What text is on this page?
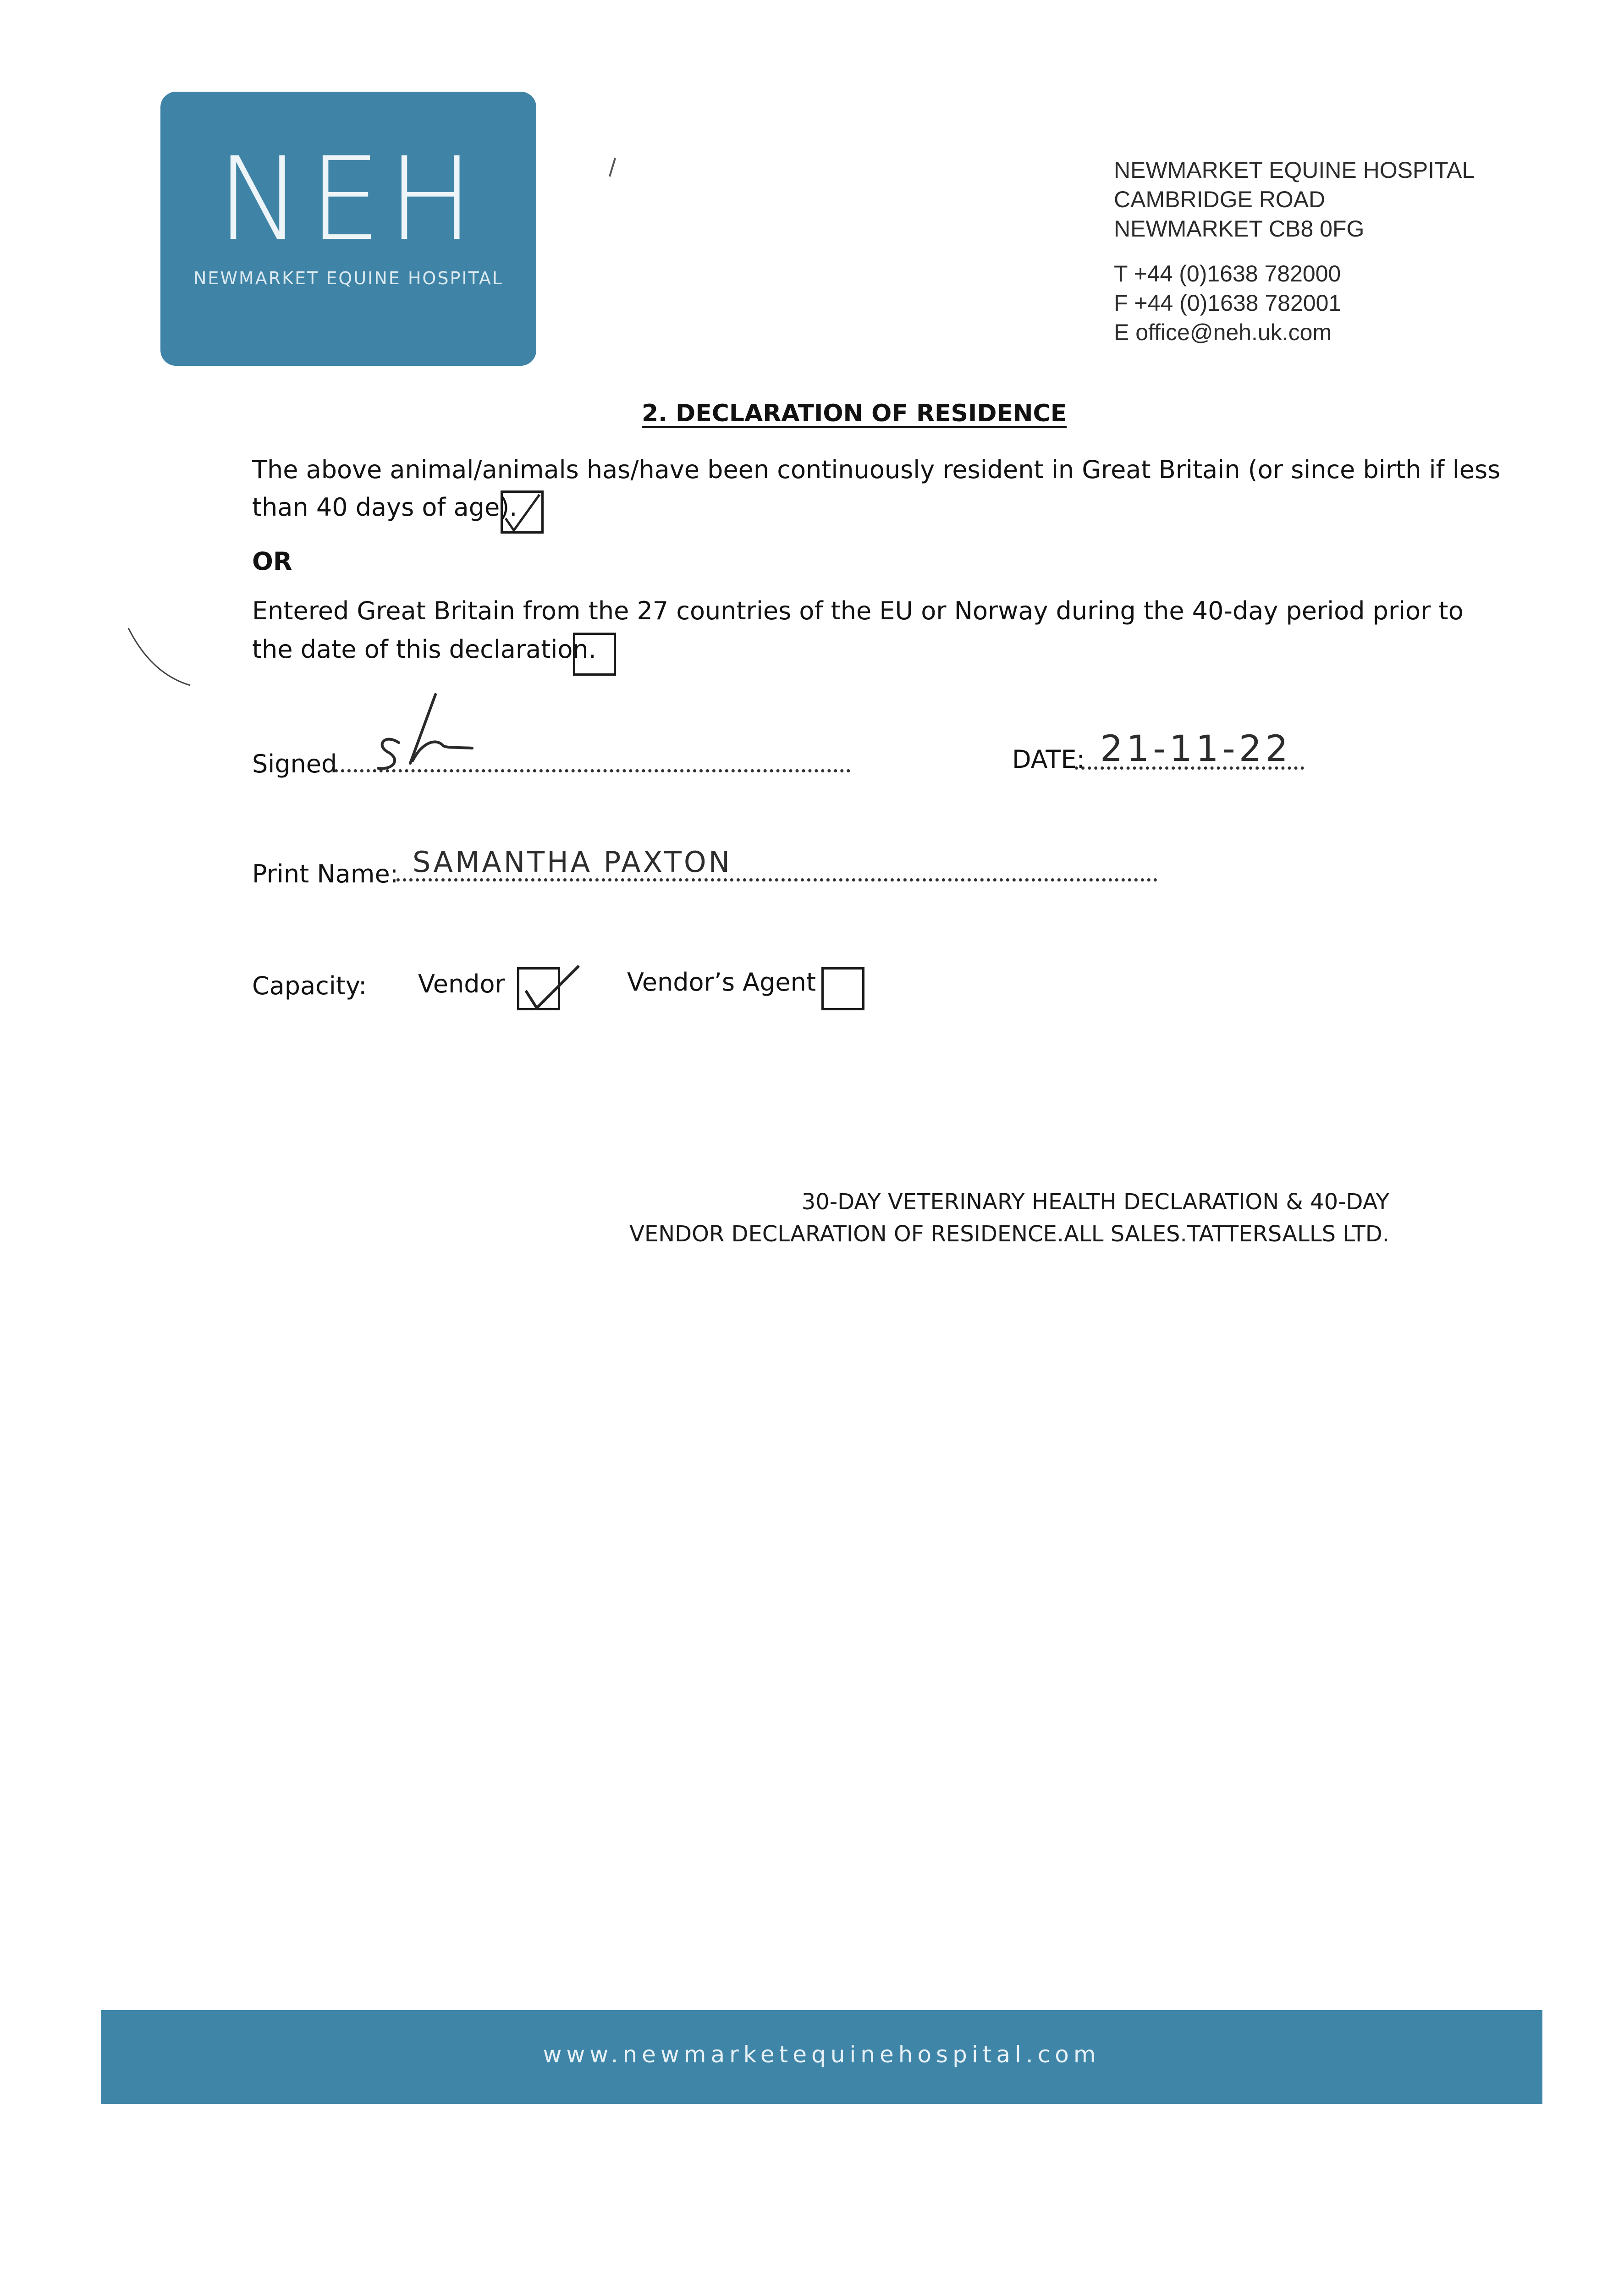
NEH
NEWMARKET EQUINE HOSPITAL
NEWMARKET EQUINE HOSPITAL
CAMBRIDGE ROAD
NEWMARKET CB8 0FG
T +44 (0)1638 782000
F +44 (0)1638 782001
E office@neh.uk.com
2. DECLARATION OF RESIDENCE
The above animal/animals has/have been continuously resident in Great Britain (or since birth if less
than 40 days of age).
OR
Entered Great Britain from the 27 countries of the EU or Norway during the 40-day period prior to
the date of this declaration.
Signed	DATE: 21-11-22
Print Name: SAMANTHA PAXTON
Capacity: Vendor	Vendor’s Agent
30-DAY VETERINARY HEALTH DECLARATION & 40-DAY
VENDOR DECLARATION OF RESIDENCE.ALL SALES.TATTERSALLS LTD.
www.newmarketequinehospital.com
